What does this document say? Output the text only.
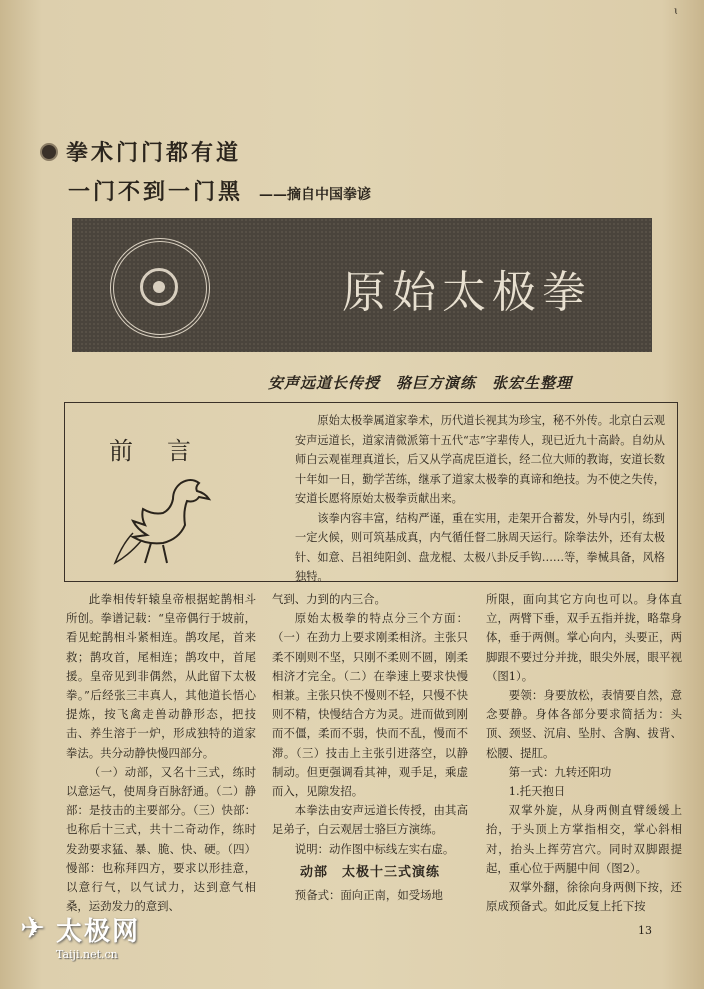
ɩ
拳术门门都有道
一门不到一门黑 ——摘自中国拳谚
原始太极拳
安声远道长传授　骆巨方演练　张宏生整理
前言
原始太极拳属道家拳术，历代道长视其为珍宝，秘不外传。北京白云观安声远道长，道家清微派第十五代“志”字辈传人，现已近九十高龄。自幼从师白云观崔理真道长，后又从学高虎臣道长，经二位大师的教诲，安道长数十年如一日，勤学苦练，继承了道家太极拳的真谛和绝技。为不使之失传，安道长愿将原始太极拳贡献出来。
该拳内容丰富，结构严谨，重在实用，走架开合蓄发，外导内引，练到一定火候，则可筑基成真，内气循任督二脉周天运行。除拳法外，还有太极针、如意、吕祖纯阳剑、盘龙棍、太极八卦反手钩……等，拳械具备，风格独特。
此拳相传轩辕皇帝根据蛇鹊相斗所创。拳谱记载：“皇帝偶行于坡前，看见蛇鹊相斗紧相连。鹊攻尾，首来救；鹊攻首，尾相连；鹊攻中，首尾援。皇帝见到非偶然，从此留下太极拳。”后经张三丰真人，其他道长悟心提炼，按飞禽走兽动静形态，把技击、养生溶于一炉，形成独特的道家拳法。共分动静快慢四部分。
（一）动部，又名十三式，练时以意运气，使周身百脉舒通。（二）静部：是技击的主要部分。（三）快部：也称后十三式，共十二奇动作，练时发劲要求猛、暴、脆、快、硬。（四）慢部：也称拜四方，要求以形挂意，以意行气，以气试力，达到意气相桑，运劲发力的意到、
气到、力到的内三合。
原始太极拳的特点分三个方面：（一）在劲力上要求刚柔相济。主张只柔不刚则不坚，只刚不柔则不圆，刚柔相济才完全。（二）在拳速上要求快慢相兼。主张只快不慢则不轻，只慢不快则不精，快慢结合方为灵。进而做到刚而不僵，柔而不弱，快而不乱，慢而不滞。（三）技击上主张引进落空，以静制动。但更强调看其神，观手足，乘虚而入，见隙发招。
本拳法由安声远道长传授，由其高足弟子，白云观居士骆巨方演练。
说明：动作图中标线左实右虚。
动部　太极十三式演练
预备式：面向正南，如受场地
所限，面向其它方向也可以。身体直立，两臂下垂，双手五指并拢，略靠身体，垂于两侧。掌心向内，头要正，两脚跟不要过分并拢，眼尖外展，眼平视（图1）。
要领：身要放松，表情要自然，意念要静。身体各部分要求简括为：头顶、颈竖、沉肩、坠肘、含胸、拔背、松腰、提肛。
第一式：九转还阳功
1.托天抱日
双掌外旋，从身两侧直臂缓缓上抬，于头顶上方掌指相交，掌心斜相对，抬头上挥劳宫穴。同时双脚跟提起，重心位于两腿中间（图2）。
双掌外翻，徐徐向身两侧下按，还原成预备式。如此反复上托下按
13
✈ 太极网
Taiji.net.cn
